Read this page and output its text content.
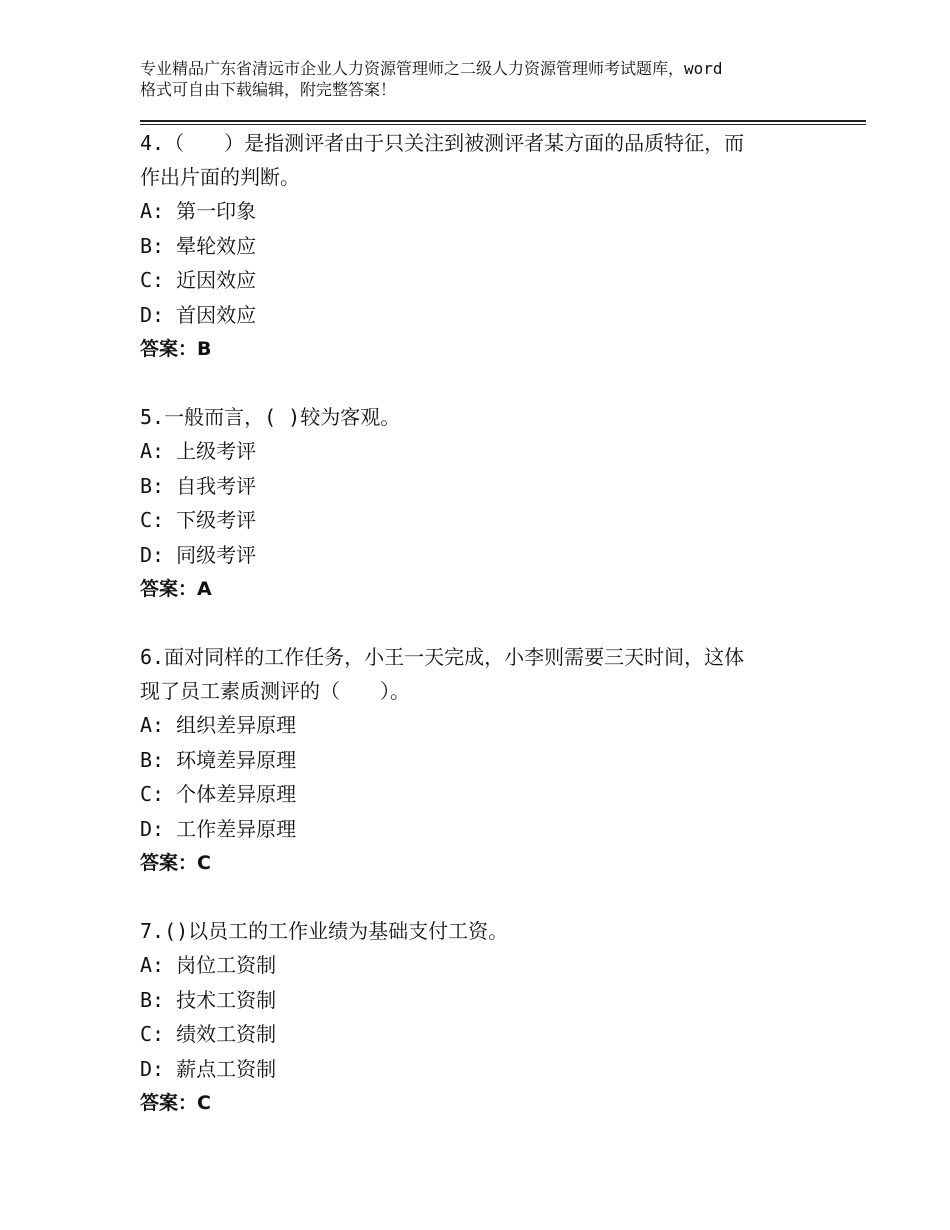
专业精品广东省清远市企业人力资源管理师之二级人力资源管理师考试题库，word
格式可自由下载编辑，附完整答案！

4.（　　）是指测评者由于只关注到被测评者某方面的品质特征，而

作出片面的判断。

A: 第一印象

B: 晕轮效应

C: 近因效应

D: 首因效应

答案：B

5.一般而言，( )较为客观。

A: 上级考评

B: 自我考评

C: 下级考评

D: 同级考评

答案：A

6.面对同样的工作任务，小王一天完成，小李则需要三天时间，这体

现了员工素质测评的（　　）。

A: 组织差异原理

B: 环境差异原理

C: 个体差异原理

D: 工作差异原理

答案：C

7.()以员工的工作业绩为基础支付工资。

A: 岗位工资制

B: 技术工资制

C: 绩效工资制

D: 薪点工资制

答案：C
